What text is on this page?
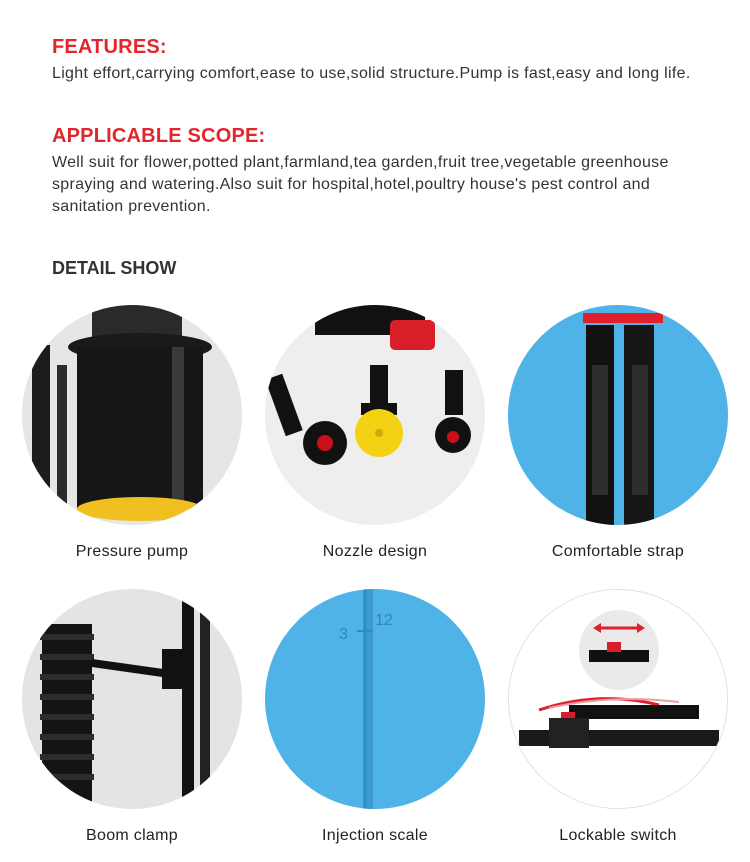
FEATURES:
Light effort,carrying comfort,ease to use,solid structure.Pump is fast,easy and long life.
APPLICABLE SCOPE:
Well suit for flower,potted plant,farmland,tea garden,fruit tree,vegetable greenhouse spraying and watering.Also suit for hospital,hotel,poultry house's pest control and sanitation prevention.
DETAIL SHOW
Pressure pump	Nozzle design	Comfortable strap
Boom clamp
3
12
Injection scale	Lockable switch
